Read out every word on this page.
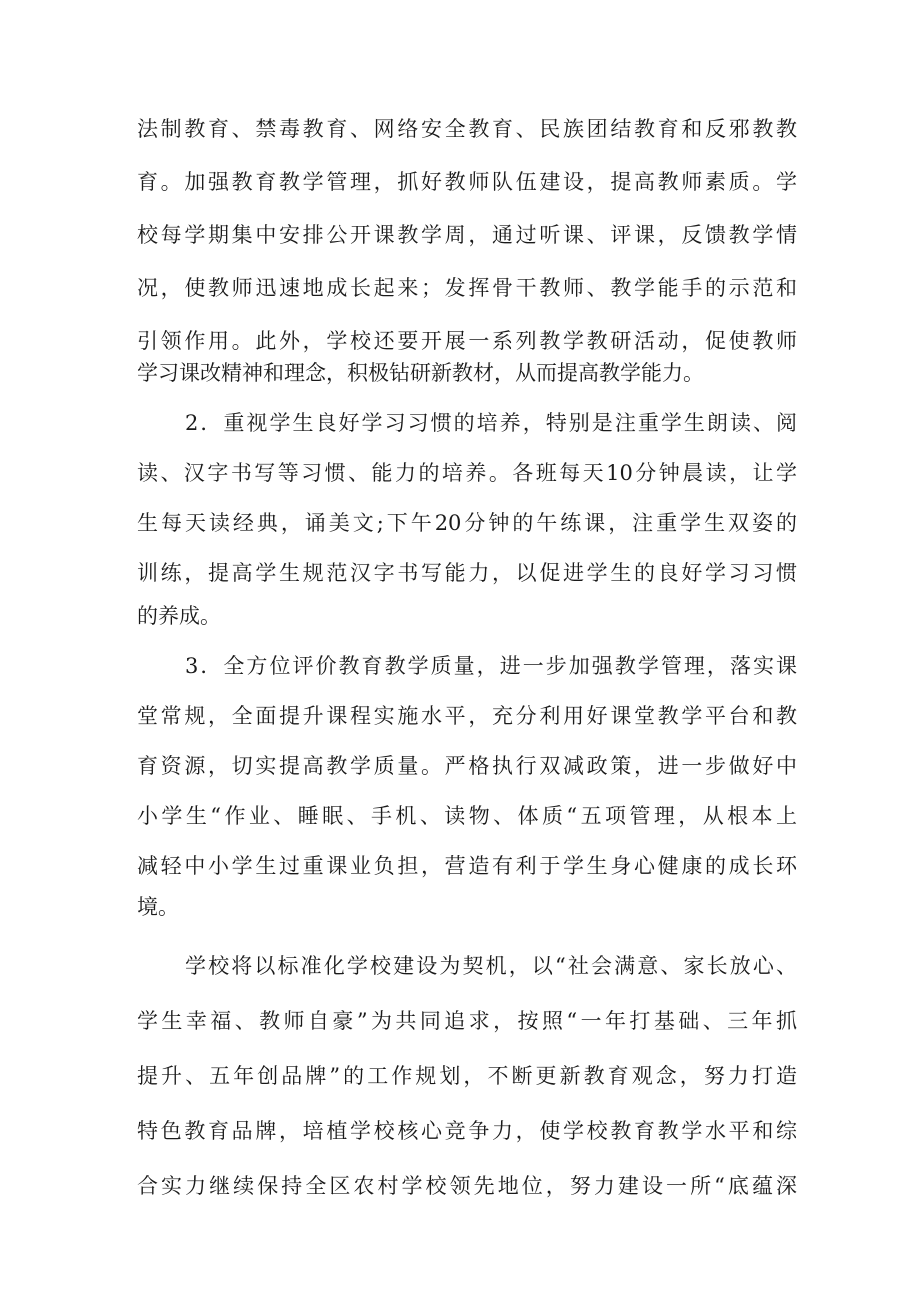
法制教育、禁毒教育、网络安全教育、民族团结教育和反邪教教
育。加强教育教学管理，抓好教师队伍建设，提高教师素质。学
校每学期集中安排公开课教学周，通过听课、评课，反馈教学情
况，使教师迅速地成长起来；发挥骨干教师、教学能手的示范和
引领作用。此外，学校还要开展一系列教学教研活动，促使教师
学习课改精神和理念，积极钻研新教材，从而提高教学能力。
2．重视学生良好学习习惯的培养，特别是注重学生朗读、阅
读、汉字书写等习惯、能力的培养。各班每天10分钟晨读，让学
生每天读经典，诵美文;下午20分钟的午练课，注重学生双姿的
训练，提高学生规范汉字书写能力，以促进学生的良好学习习惯
的养成。
3．全方位评价教育教学质量，进一步加强教学管理，落实课
堂常规，全面提升课程实施水平，充分利用好课堂教学平台和教
育资源，切实提高教学质量。严格执行双减政策，进一步做好中
小学生“作业、睡眠、手机、读物、体质“五项管理，从根本上
减轻中小学生过重课业负担，营造有利于学生身心健康的成长环
境。
学校将以标准化学校建设为契机，以“社会满意、家长放心、
学生幸福、教师自豪”为共同追求，按照“一年打基础、三年抓
提升、五年创品牌”的工作规划，不断更新教育观念，努力打造
特色教育品牌，培植学校核心竞争力，使学校教育教学水平和综
合实力继续保持全区农村学校领先地位，努力建设一所“底蕴深
